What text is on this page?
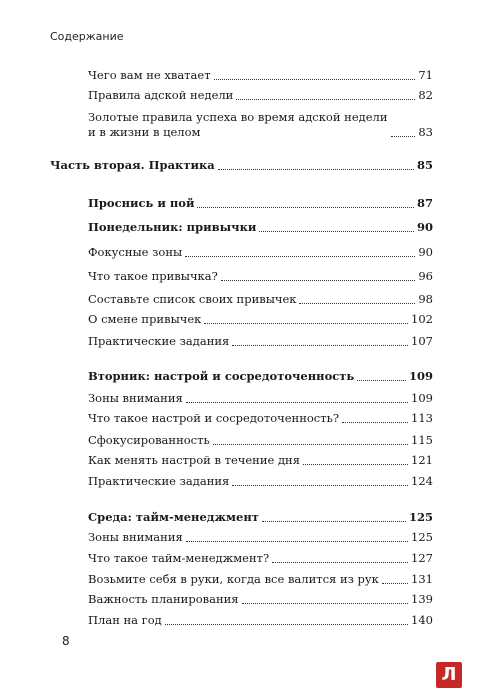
Содержание
Чего вам не хватает	71
Правила адской недели	82
Золотые правила успеха во время адской недели
и в жизни в целом	83
Часть вторая. Практика	85
Проснись и пой	87
Понедельник: привычки	90
Фокусные зоны	90
Что такое привычка?	96
Составьте список своих привычек	98
О смене привычек	102
Практические задания	107
Вторник: настрой и сосредоточенность	109
Зоны внимания	109
Что такое настрой и сосредоточенность?	113
Сфокусированность	115
Как менять настрой в течение дня	121
Практические задания	124
Среда: тайм-менеджмент	125
Зоны внимания	125
Что такое тайм-менеджмент?	127
Возьмите себя в руки, когда все валится из рук	131
Важность планирования	139
План на год	140
8
Л
